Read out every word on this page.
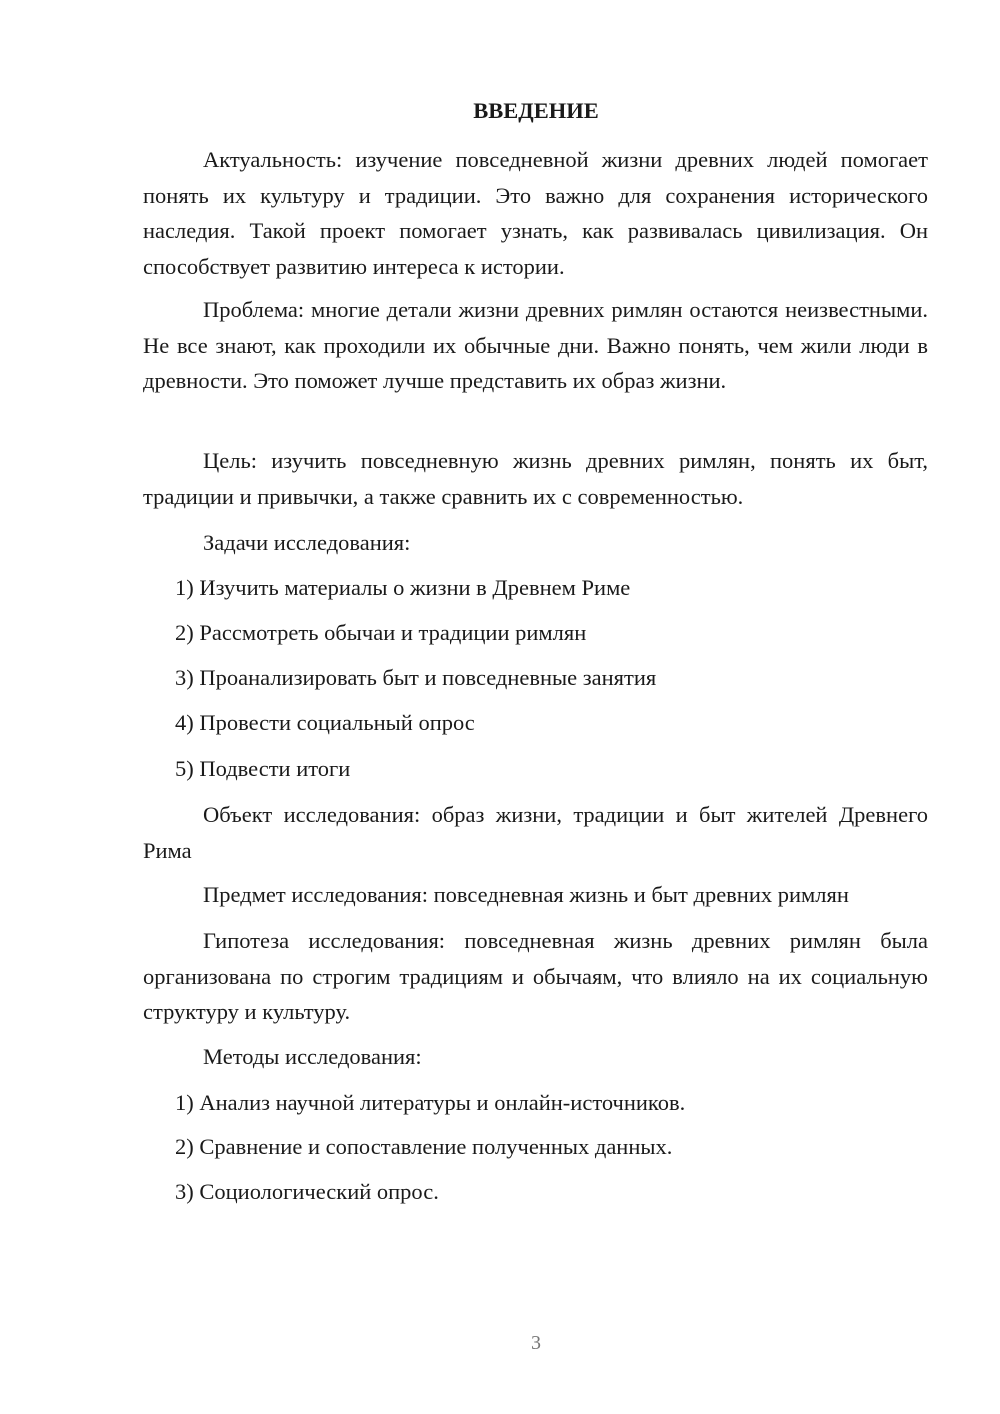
ВВЕДЕНИЕ

Актуальность: изучение повседневной жизни древних людей помогает понять их культуру и традиции. Это важно для сохранения исторического наследия. Такой проект помогает узнать, как развивалась цивилизация. Он способствует развитию интереса к истории.

Проблема: многие детали жизни древних римлян остаются неизвестными. Не все знают, как проходили их обычные дни. Важно понять, чем жили люди в древности. Это поможет лучше представить их образ жизни.

Цель: изучить повседневную жизнь древних римлян, понять их быт, традиции и привычки, а также сравнить их с современностью.

Задачи исследования:

1) Изучить материалы о жизни в Древнем Риме

2) Рассмотреть обычаи и традиции римлян

3) Проанализировать быт и повседневные занятия

4) Провести социальный опрос

5) Подвести итоги

Объект исследования: образ жизни, традиции и быт жителей Древнего Рима

Предмет исследования: повседневная жизнь и быт древних римлян

Гипотеза исследования: повседневная жизнь древних римлян была организована по строгим традициям и обычаям, что влияло на их социальную структуру и культуру.

Методы исследования:

1) Анализ научной литературы и онлайн-источников.

2) Сравнение и сопоставление полученных данных.

3) Социологический опрос.

3
